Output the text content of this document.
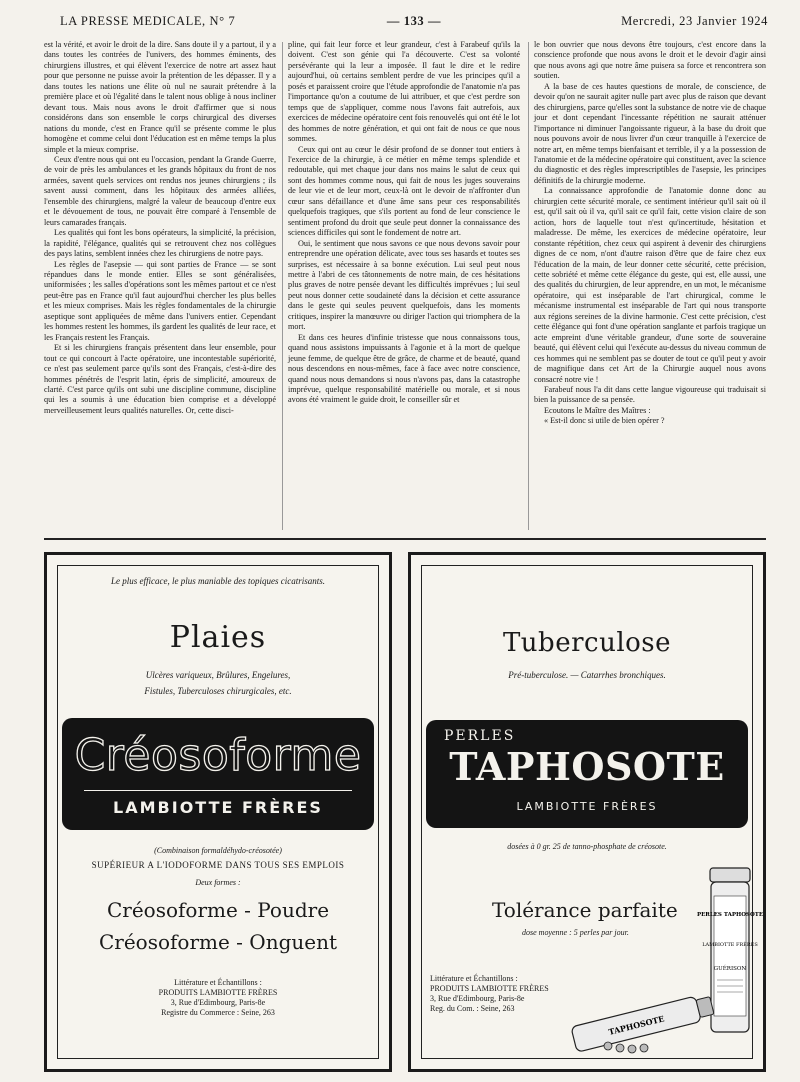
LA PRESSE MEDICALE, N° 7	— 133 —	Mercredi, 23 Janvier 1924

est la vérité, et avoir le droit de la dire. Sans doute il y a partout, il y a dans toutes les contrées de l'univers, des hommes éminents, des chirurgiens illustres, et qui élèvent l'exercice de notre art assez haut pour que personne ne puisse avoir la prétention de les dépasser. Il y a dans toutes les nations une élite où nul ne saurait prétendre à la première place et où l'égalité dans le talent nous oblige à nous incliner devant tous. Mais nous avons le droit d'affirmer que si nous considérons dans son ensemble le corps chirurgical des diverses nations du monde, c'est en France qu'il se présente comme le plus homogène et comme celui dont l'éducation est en même temps la plus simple et la mieux comprise.

Ceux d'entre nous qui ont eu l'occasion, pendant la Grande Guerre, de voir de près les ambulances et les grands hôpitaux du front de nos armées, savent quels services ont rendus nos jeunes chirurgiens ; ils savent aussi comment, dans les hôpitaux des armées alliées, l'ensemble des chirurgiens, malgré la valeur de beaucoup d'entre eux et le dévouement de tous, ne pouvait être comparé à l'ensemble de leurs camarades français.

Les qualités qui font les bons opérateurs, la simplicité, la précision, la rapidité, l'élégance, qualités qui se retrouvent chez nos collègues des pays latins, semblent innées chez les chirurgiens de notre pays.

Les règles de l'asepsie — qui sont parties de France — se sont répandues dans le monde entier. Elles se sont généralisées, uniformisées ; les salles d'opérations sont les mêmes partout et ce n'est peut-être pas en France qu'il faut aujourd'hui chercher les plus belles et les mieux comprises. Mais les règles fondamentales de la chirurgie aseptique sont appliquées de même dans l'univers entier. Cependant les hommes restent les hommes, ils gardent les qualités de leur race, et les Français restent les Français.

Et si les chirurgiens français présentent dans leur ensemble, pour tout ce qui concourt à l'acte opératoire, une incontestable supériorité, ce n'est pas seulement parce qu'ils sont des Français, c'est-à-dire des hommes pénétrés de l'esprit latin, épris de simplicité, amoureux de clarté. C'est parce qu'ils ont subi une discipline commune, discipline qui les a soumis à une éducation bien comprise et a développé merveilleusement leurs qualités naturelles. Or, cette disci-

pline, qui fait leur force et leur grandeur, c'est à Farabeuf qu'ils la doivent. C'est son génie qui l'a découverte. C'est sa volonté persévérante qui la leur a imposée. Il faut le dire et le redire aujourd'hui, où certains semblent perdre de vue les principes qu'il a posés et paraissent croire que l'étude approfondie de l'anatomie n'a pas l'importance qu'on a coutume de lui attribuer, et que c'est perdre son temps que de s'appliquer, comme nous l'avons fait autrefois, aux exercices de médecine opératoire cent fois renouvelés qui ont été le lot des hommes de notre génération, et qui ont fait de nous ce que nous sommes.

Ceux qui ont au cœur le désir profond de se donner tout entiers à l'exercice de la chirurgie, à ce métier en même temps splendide et redoutable, qui met chaque jour dans nos mains le salut de ceux qui sont des hommes comme nous, qui fait de nous les juges souverains de leur vie et de leur mort, ceux-là ont le devoir de n'affronter d'un cœur sans défaillance et d'une âme sans peur ces responsabilités quelquefois tragiques, que s'ils portent au fond de leur conscience le sentiment profond du droit que seule peut donner la connaissance des sciences difficiles qui sont le fondement de notre art.

Oui, le sentiment que nous savons ce que nous devons savoir pour entreprendre une opération délicate, avec tous ses hasards et toutes ses surprises, est nécessaire à sa bonne exécution. Lui seul peut nous mettre à l'abri de ces tâtonnements de notre main, de ces hésitations plus graves de notre pensée devant les difficultés imprévues ; lui seul peut nous donner cette soudaineté dans la décision et cette assurance dans le geste qui seules peuvent quelquefois, dans les moments critiques, inspirer la manœuvre ou diriger l'action qui triomphera de la mort.

Et dans ces heures d'infinie tristesse que nous connaissons tous, quand nous assistons impuissants à l'agonie et à la mort de quelque jeune femme, de quelque être de grâce, de charme et de beauté, quand nous descendons en nous-mêmes, face à face avec notre conscience, quand nous nous demandons si nous n'avons pas, dans la catastrophe imprévue, quelque responsabilité matérielle ou morale, et si nous avons été vraiment le guide droit, le conseiller sûr et

le bon ouvrier que nous devons être toujours, c'est encore dans la conscience profonde que nous avons le droit et le devoir d'agir ainsi que nous avons agi que notre âme puisera sa force et rencontrera son soutien.

A la base de ces hautes questions de morale, de conscience, de devoir qu'on ne saurait agiter nulle part avec plus de raison que devant des chirurgiens, parce qu'elles sont la substance de notre vie de chaque jour et dont cependant l'incessante répétition ne saurait atténuer l'importance ni diminuer l'angoissante rigueur, à la base du droit que nous pouvons avoir de nous livrer d'un cœur tranquille à l'exercice de notre art, en même temps bienfaisant et terrible, il y a la possession de l'anatomie et de la médecine opératoire qui constituent, avec la science du diagnostic et des règles imprescriptibles de l'asepsie, les principes définitifs de la chirurgie moderne.

La connaissance approfondie de l'anatomie donne donc au chirurgien cette sécurité morale, ce sentiment intérieur qu'il sait où il est, qu'il sait où il va, qu'il sait ce qu'il fait, cette vision claire de son action, hors de laquelle tout n'est qu'incertitude, hésitation et maladresse. De même, les exercices de médecine opératoire, leur constante répétition, chez ceux qui aspirent à devenir des chirurgiens dignes de ce nom, n'ont d'autre raison d'être que de faire chez eux l'éducation de la main, de leur donner cette sécurité, cette précision, cette sobriété et même cette élégance du geste, qui est, elle aussi, une des qualités du chirurgien, de leur apprendre, en un mot, le mécanisme opératoire, qui est inséparable de l'art chirurgical, comme le mécanisme instrumental est inséparable de l'art qui nous transporte aux régions sereines de la divine harmonie. C'est cette précision, c'est cette élégance qui font d'une opération sanglante et parfois tragique un acte empreint d'une véritable grandeur, d'une sorte de souveraine beauté, qui élèvent celui qui l'exécute au-dessus du niveau commun de ces hommes qui ne semblent pas se douter de tout ce qu'il peut y avoir de magnifique dans cet Art de la Chirurgie auquel nous avons consacré notre vie !

Farabeuf nous l'a dit dans cette langue vigoureuse qui traduisait si bien la puissance de sa pensée.

Ecoutons le Maître des Maîtres :

« Est-il donc si utile de bien opérer ?

Le plus efficace, le plus maniable des topiques cicatrisants.
Plaies
Ulcères variqueux, Brûlures, Engelures,
Fistules, Tuberculoses chirurgicales, etc.
Créosoforme
LAMBIOTTE FRÈRES
(Combinaison formaldéhydo-créosotée)
SUPÉRIEUR A L'IODOFORME DANS TOUS SES EMPLOIS
Deux formes :
Créosoforme - Poudre
Créosoforme - Onguent
Littérature et Échantillons :
PRODUITS LAMBIOTTE FRÈRES
3, Rue d'Edimbourg, Paris-8e
Registre du Commerce : Seine, 263
Tuberculose
Pré-tuberculose. — Catarrhes bronchiques.
PERLES
TAPHOSOTE
LAMBIOTTE FRÈRES
dosées à 0 gr. 25 de tanno-phosphate de créosote.
Tolérance parfaite
dose moyenne : 5 perles par jour.
Littérature et Échantillons :
PRODUITS LAMBIOTTE FRÈRES
3, Rue d'Edimbourg, Paris-8e
Reg. du Com. : Seine, 263
PERLES TAPHOSOTE
LAMBIOTTE FRÈRES
GUÉRISON
TAPHOSOTE
